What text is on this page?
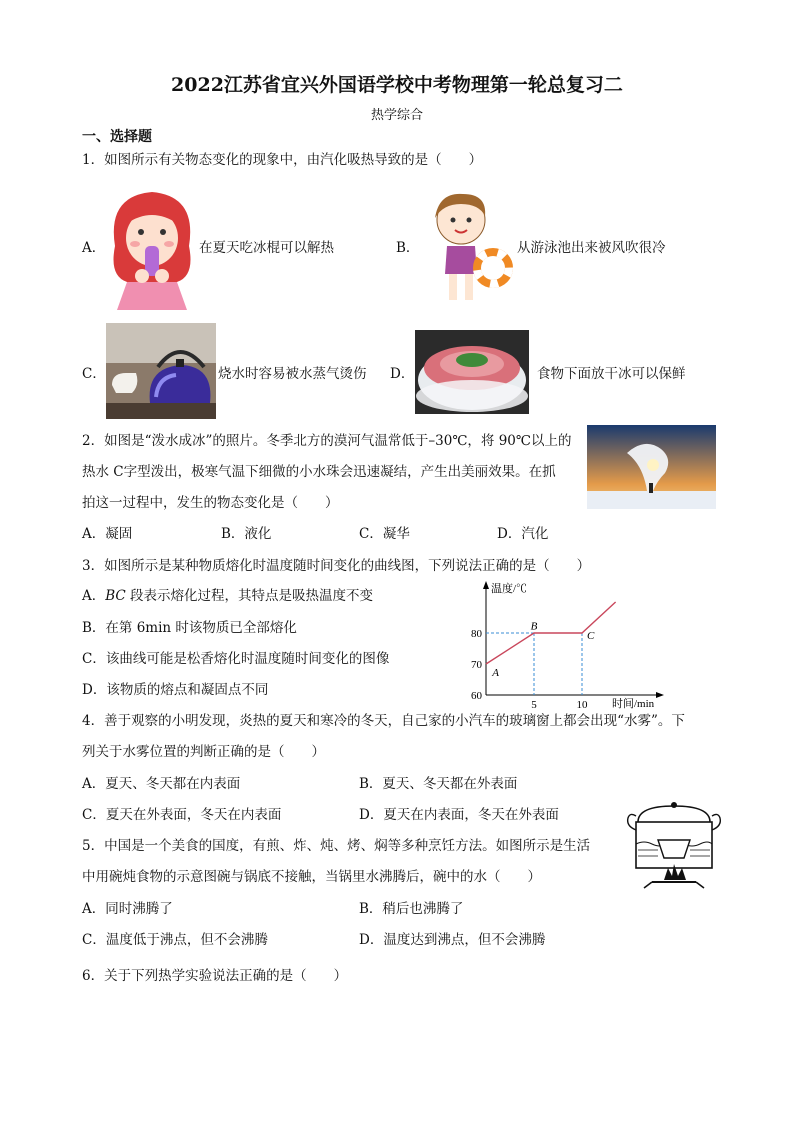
2022江苏省宜兴外国语学校中考物理第一轮总复习二
热学综合
一、选择题
1．如图所示有关物态变化的现象中，由汽化吸热导致的是（　　）
A．	在夏天吃冰棍可以解热	B．	从游泳池出来被风吹很冷
C．	烧水时容易被水蒸气烫伤 D．	食物下面放干冰可以保鲜
2．如图是“泼水成冰”的照片。冬季北方的漠河气温常低于–30℃，将 90℃以上的
热水 C字型泼出，极寒气温下细微的小水珠会迅速凝结，产生出美丽效果。在抓
拍这一过程中，发生的物态变化是（　　）
A．凝固	B．液化	C．凝华	D．汽化
3．如图所示是某种物质熔化时温度随时间变化的曲线图，下列说法正确的是（　　）
A．BC 段表示熔化过程，其特点是吸热温度不变
B．在第 6min 时该物质已全部熔化
C．该曲线可能是松香熔化时温度随时间变化的图像
D．该物质的熔点和凝固点不同
温度/℃
时间/min
60
70
80
5	10
A
B
C
4．善于观察的小明发现，炎热的夏天和寒冷的冬天，自己家的小汽车的玻璃窗上都会出现“水雾”。下
列关于水雾位置的判断正确的是（　　）
A．夏天、冬天都在内表面	B．夏天、冬天都在外表面
C．夏天在外表面，冬天在内表面	D．夏天在内表面，冬天在外表面
5．中国是一个美食的国度，有煎、炸、炖、烤、焖等多种烹饪方法。如图所示是生活
中用碗炖食物的示意图碗与锅底不接触，当锅里水沸腾后，碗中的水（　　）
A．同时沸腾了	B．稍后也沸腾了
C．温度低于沸点，但不会沸腾	D．温度达到沸点，但不会沸腾
6．关于下列热学实验说法正确的是（　　）
